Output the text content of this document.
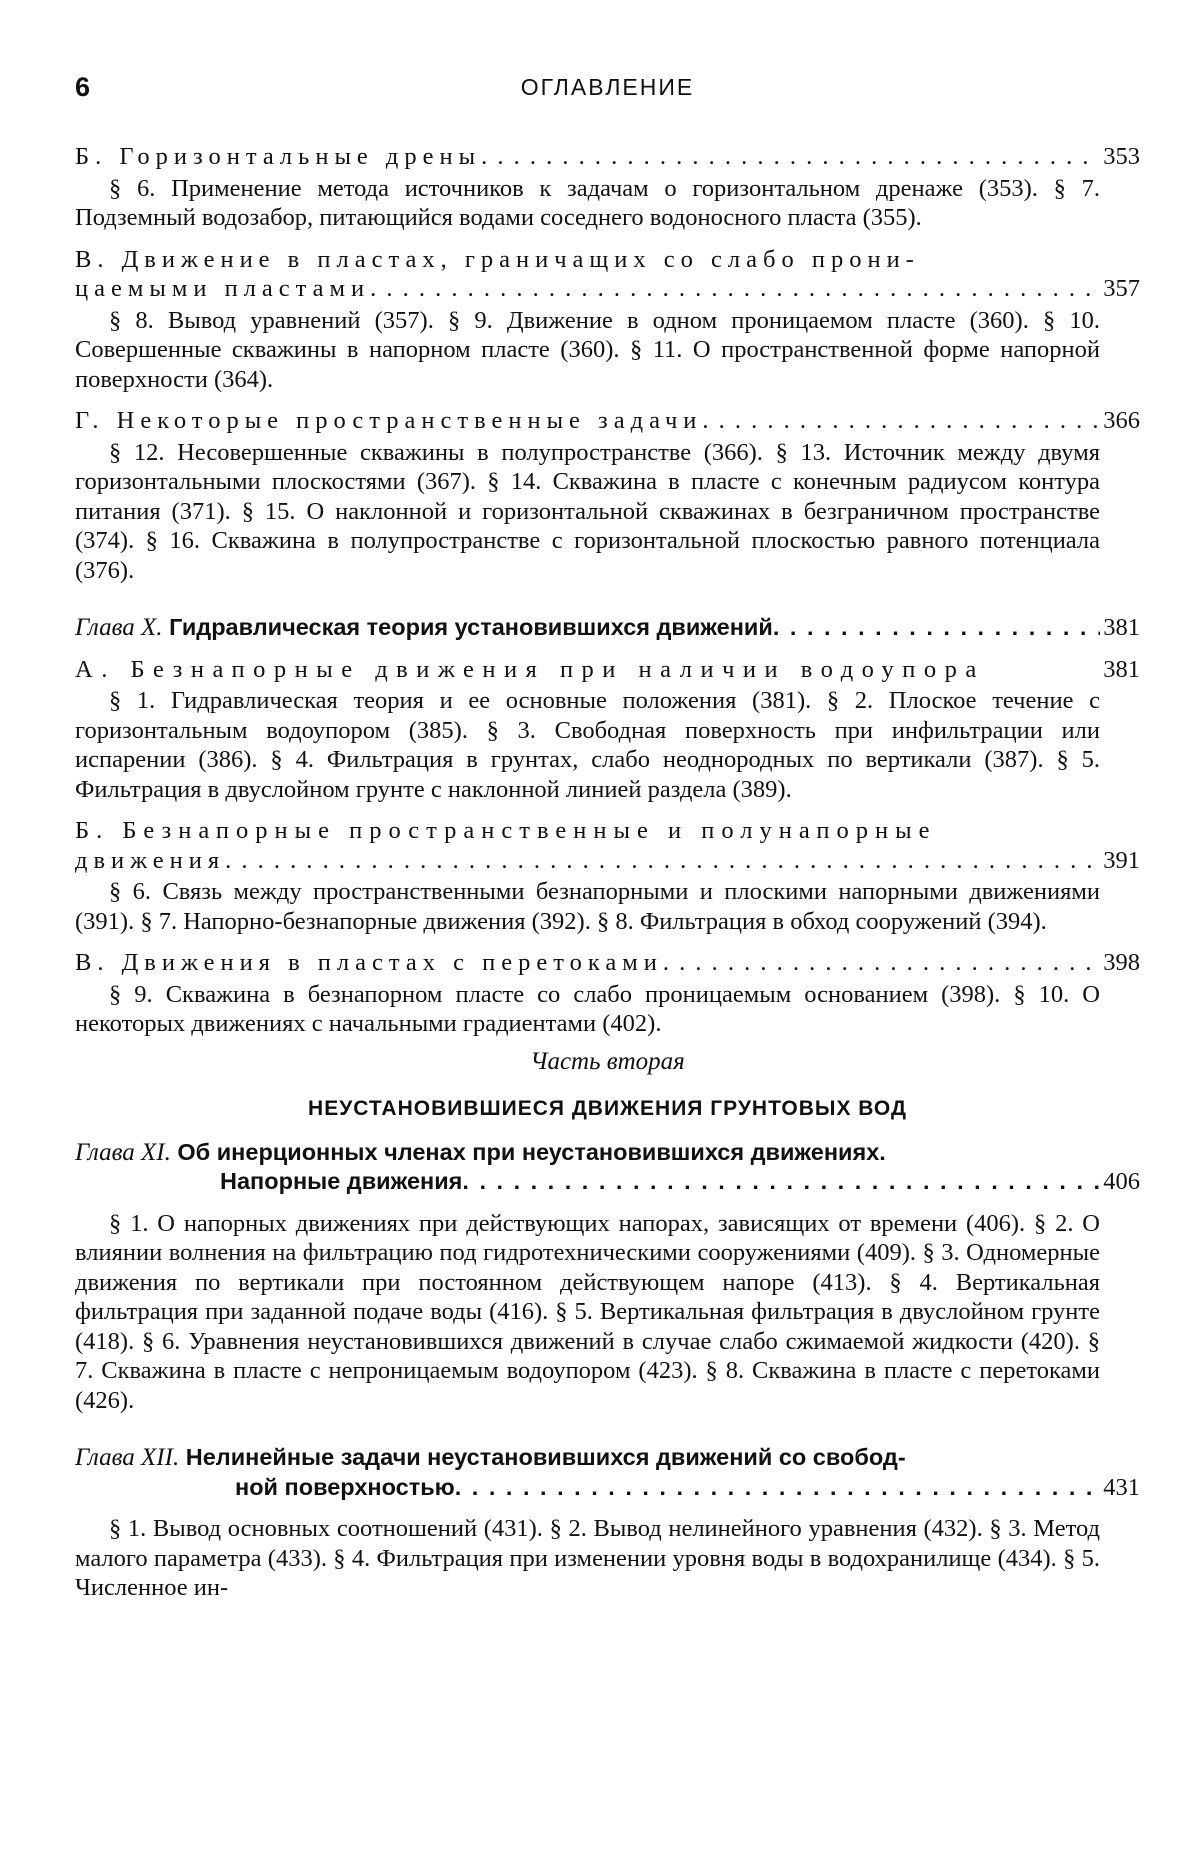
6	ОГЛАВЛЕНИЕ
Б. Горизонтальные дрены . . .	353
§ 6. Применение метода источников к задачам о горизонтальном дренаже (353). § 7. Подземный водозабор, питающийся водами соседнего водоносного пласта (355).
В. Движение в пластах, граничащих со слабо прони-
цаемыми пластами . . .	357
§ 8. Вывод уравнений (357). § 9. Движение в одном проницаемом пласте (360). § 10. Совершенные скважины в напорном пласте (360). § 11. О пространственной форме напорной поверхности (364).
Г. Некоторые пространственные задачи . . .	366
§ 12. Несовершенные скважины в полупространстве (366). § 13. Источник между двумя горизонтальными плоскостями (367). § 14. Скважина в пласте с конечным радиусом контура питания (371). § 15. О наклонной и горизонтальной скважинах в безграничном пространстве (374). § 16. Скважина в полупространстве с горизонтальной плоскостью равного потенциала (376).
Глава X. Гидравлическая теория установившихся движений . . .	381
А. Безнапорные движения при наличии водоупора	381
§ 1. Гидравлическая теория и ее основные положения (381). § 2. Плоское течение с горизонтальным водоупором (385). § 3. Свободная поверхность при инфильтрации или испарении (386). § 4. Фильтрация в грунтах, слабо неоднородных по вертикали (387). § 5. Фильтрация в двуслойном грунте с наклонной линией раздела (389).
Б. Безнапорные пространственные и полунапорные
движения . . .	391
§ 6. Связь между пространственными безнапорными и плоскими напорными движениями (391). § 7. Напорно-безнапорные движения (392). § 8. Фильтрация в обход сооружений (394).
В. Движения в пластах с перетоками . . .	398
§ 9. Скважина в безнапорном пласте со слабо проницаемым основанием (398). § 10. О некоторых движениях с начальными градиентами (402).
Часть вторая
НЕУСТАНОВИВШИЕСЯ ДВИЖЕНИЯ ГРУНТОВЫХ ВОД
Глава XI. Об инерционных членах при неустановившихся движениях.
Напорные движения . . .	406
§ 1. О напорных движениях при действующих напорах, зависящих от времени (406). § 2. О влиянии волнения на фильтрацию под гидротехническими сооружениями (409). § 3. Одномерные движения по вертикали при постоянном действующем напоре (413). § 4. Вертикальная фильтрация при заданной подаче воды (416). § 5. Вертикальная фильтрация в двуслойном грунте (418). § 6. Уравнения неустановившихся движений в случае слабо сжимаемой жидкости (420). § 7. Скважина в пласте с непроницаемым водоупором (423). § 8. Скважина в пласте с перетоками (426).
Глава XII. Нелинейные задачи неустановившихся движений со свобод-
ной поверхностью . . .	431
§ 1. Вывод основных соотношений (431). § 2. Вывод нелинейного уравнения (432). § 3. Метод малого параметра (433). § 4. Фильтрация при изменении уровня воды в водохранилище (434). § 5. Численное ин-
